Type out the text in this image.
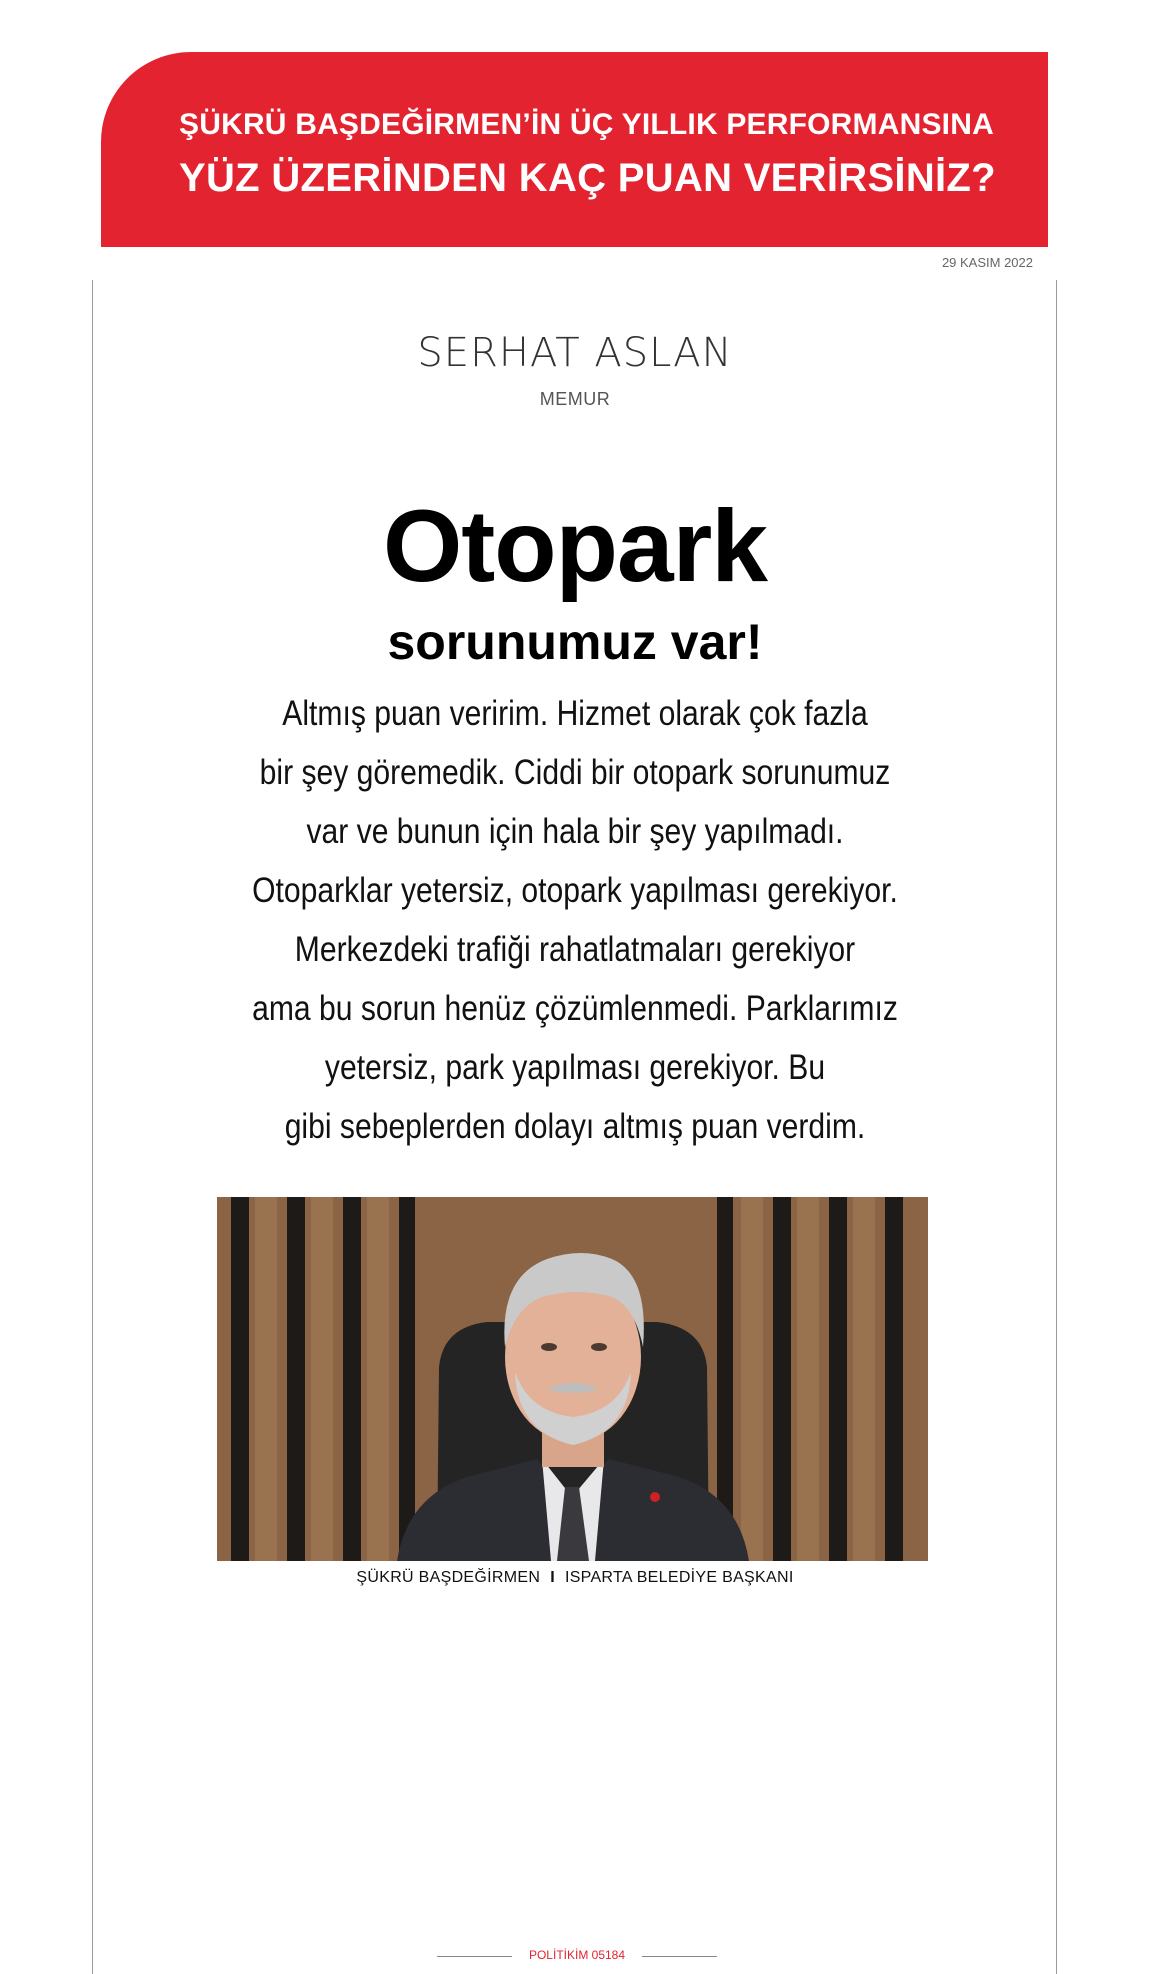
ŞÜKRÜ BAŞDEĞİRMEN’İN ÜÇ YILLIK PERFORMANSINA
YÜZ ÜZERİNDEN KAÇ PUAN VERİRSİNİZ?
29 KASIM 2022
SERHAT ASLAN
MEMUR
Otopark
sorunumuz var!
Altmış puan veririm. Hizmet olarak çok fazla
bir şey göremedik. Ciddi bir otopark sorunumuz
var ve bunun için hala bir şey yapılmadı.
Otoparklar yetersiz, otopark yapılması gerekiyor.
Merkezdeki trafiği rahatlatmaları gerekiyor
ama bu sorun henüz çözümlenmedi. Parklarımız
yetersiz, park yapılması gerekiyor. Bu
gibi sebeplerden dolayı altmış puan verdim.
ŞÜKRÜ BAŞDEĞİRMEN I ISPARTA BELEDİYE BAŞKANI
POLİTİKİM 05184
